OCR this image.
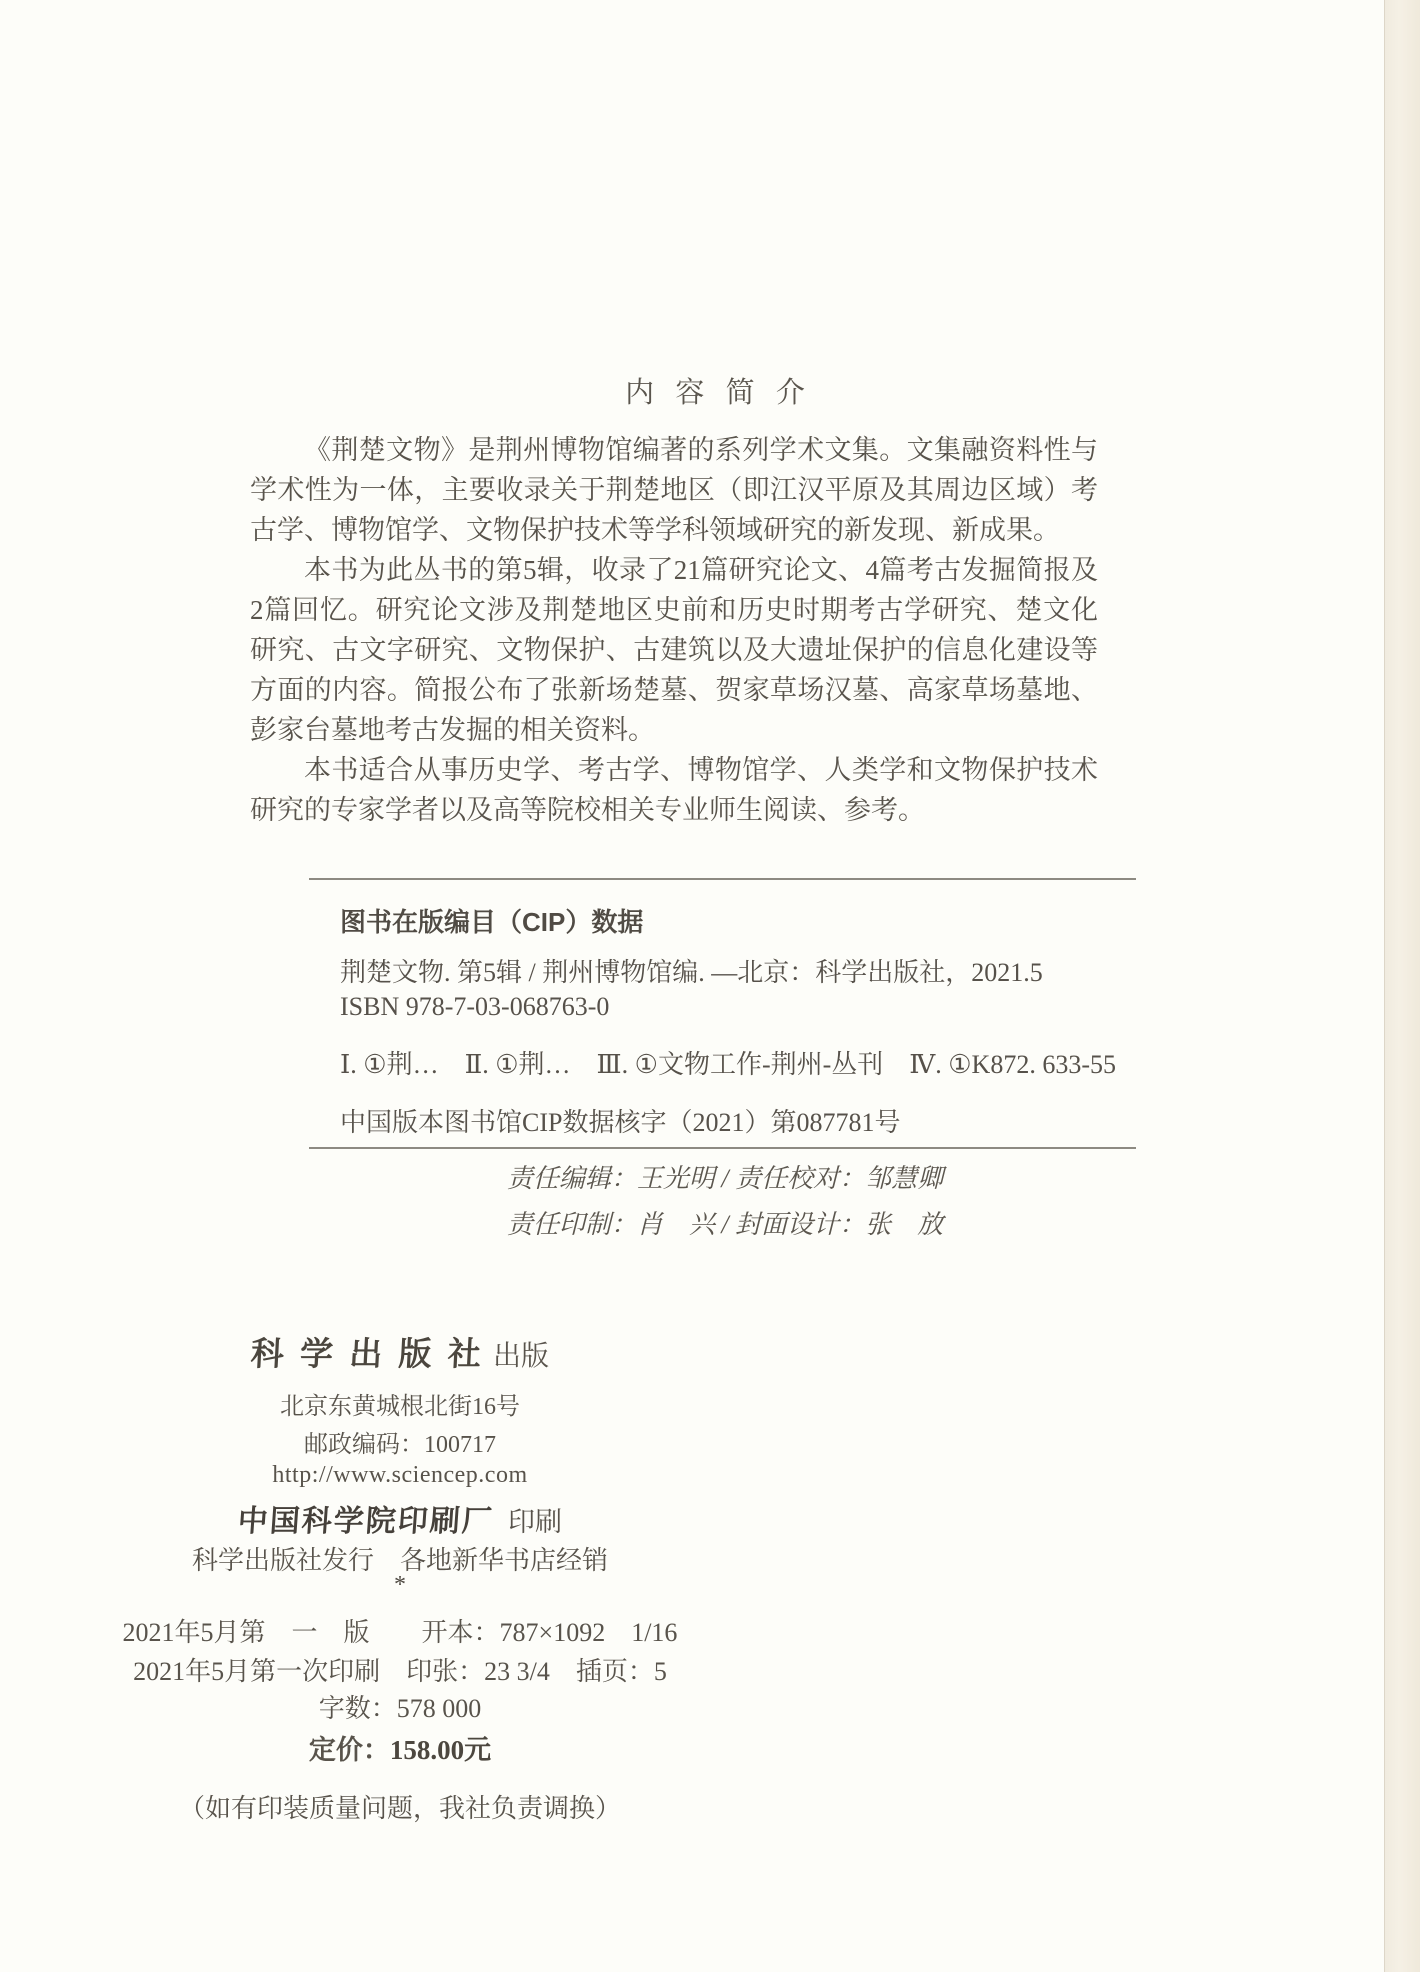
内 容 简 介

《荆楚文物》是荆州博物馆编著的系列学术文集。文集融资料性与学术性为一体，主要收录关于荆楚地区（即江汉平原及其周边区域）考古学、博物馆学、文物保护技术等学科领域研究的新发现、新成果。

本书为此丛书的第5辑，收录了21篇研究论文、4篇考古发掘简报及2篇回忆。研究论文涉及荆楚地区史前和历史时期考古学研究、楚文化研究、古文字研究、文物保护、古建筑以及大遗址保护的信息化建设等方面的内容。简报公布了张新场楚墓、贺家草场汉墓、高家草场墓地、彭家台墓地考古发掘的相关资料。

本书适合从事历史学、考古学、博物馆学、人类学和文物保护技术研究的专家学者以及高等院校相关专业师生阅读、参考。

图书在版编目（CIP）数据
荆楚文物. 第5辑 / 荆州博物馆编. —北京：科学出版社，2021.5
ISBN 978-7-03-068763-0
Ⅰ. ①荆…　Ⅱ. ①荆…　Ⅲ. ①文物工作-荆州-丛刊　Ⅳ. ①K872. 633-55
中国版本图书馆CIP数据核字（2021）第087781号
责任编辑：王光明 / 责任校对：邹慧卿
责任印制：肖　兴 / 封面设计：张　放
科 学 出 版 社 出版
北京东黄城根北街16号
邮政编码：100717
http://www.sciencep.com
中国科学院印刷厂 印刷
科学出版社发行　各地新华书店经销
*
2021年5月第　一　版　　开本：787×1092　1/16
2021年5月第一次印刷　印张：23 3/4　插页：5
字数：578 000
定价：158.00元
（如有印装质量问题，我社负责调换）
